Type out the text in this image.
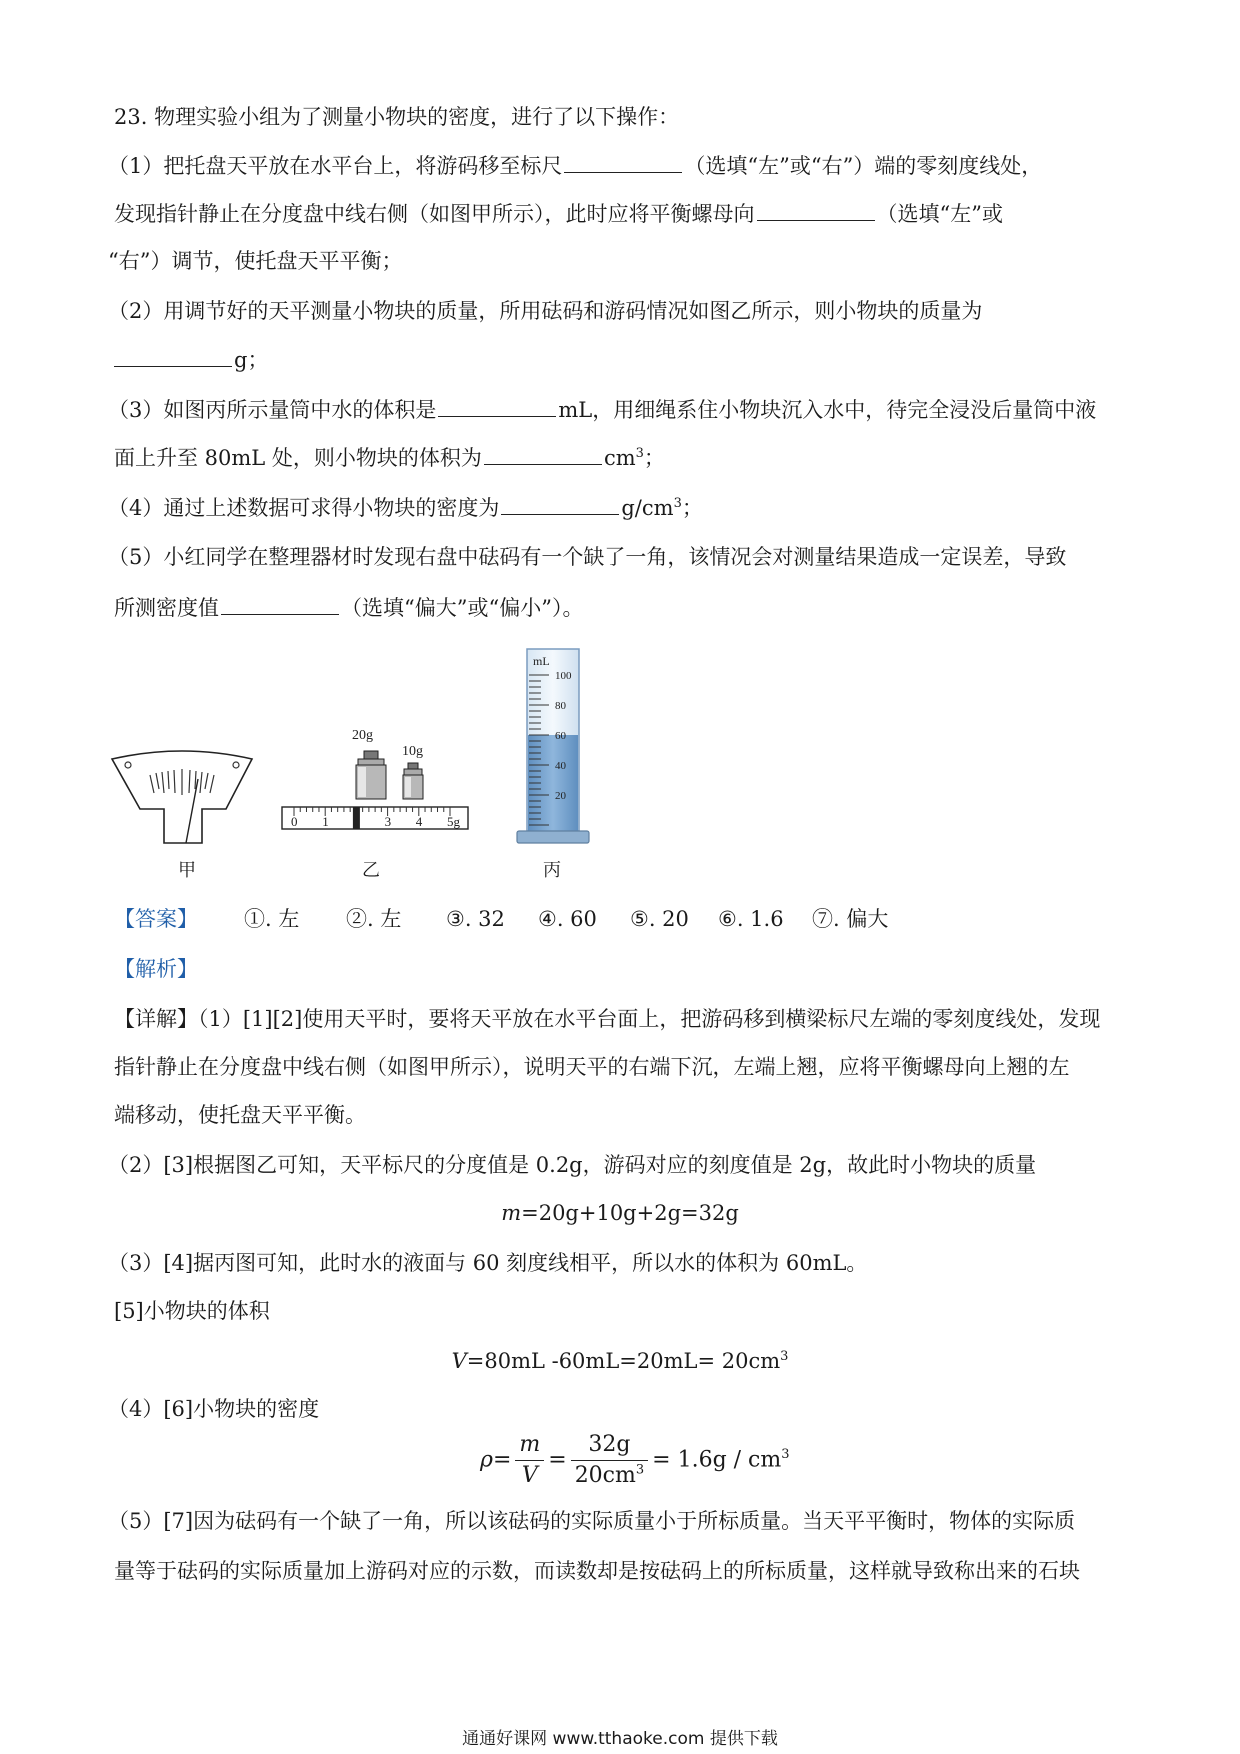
23. 物理实验小组为了测量小物块的密度，进行了以下操作：
（1）把托盘天平放在水平台上，将游码移至标尺	（选填“左”或“右”）端的零刻度线处，
发现指针静止在分度盘中线右侧（如图甲所示），此时应将平衡螺母向	（选填“左”或
“右”）调节，使托盘天平平衡；
（2）用调节好的天平测量小物块的质量，所用砝码和游码情况如图乙所示，则小物块的质量为
g；
（3）如图丙所示量筒中水的体积是	mL，用细绳系住小物块沉入水中，待完全浸没后量筒中液
面上升至 80mL 处，则小物块的体积为	$cm^3$；
（4）通过上述数据可求得小物块的密度为	$g/cm^3$；
（5）小红同学在整理器材时发现右盘中砝码有一个缺了一角，该情况会对测量结果造成一定误差，导致
所测密度值	（选填“偏大”或“偏小”）。
甲
20g
10g
0 1	3 4 5g
乙
mL
100
80
60
40
20
丙
【答案】 ①. 左 ②. 左 ③. 32 ④. 60 ⑤. 20 ⑥. 1.6 ⑦. 偏大
【解析】
【详解】（1）[1][2]使用天平时，要将天平放在水平台面上，把游码移到横梁标尺左端的零刻度线处，发现
指针静止在分度盘中线右侧（如图甲所示），说明天平的右端下沉，左端上翘，应将平衡螺母向上翘的左
端移动，使托盘天平平衡。
（2）[3]根据图乙可知，天平标尺的分度值是 0.2g，游码对应的刻度值是 2g，故此时小物块的质量
m=20g+10g+2g=32g
（3）[4]据丙图可知，此时水的液面与 60 刻度线相平，所以水的体积为 60mL。
[5]小物块的体积
V=80mL $-60mL=20mL= 20cm^3$
（4）[6]小物块的密度
$\rho= \frac{m}{V} = \frac{32g}{20cm^3} = 1.6g / cm^3$
（5）[7]因为砝码有一个缺了一角，所以该砝码的实际质量小于所标质量。当天平平衡时，物体的实际质
量等于砝码的实际质量加上游码对应的示数，而读数却是按砝码上的所标质量，这样就导致称出来的石块
通通好课网 www.tthaoke.com 提供下载
